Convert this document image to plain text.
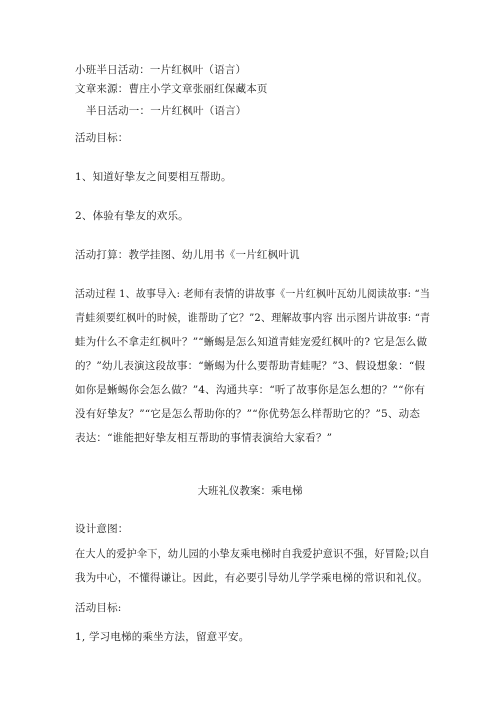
小班半日活动：一片红枫叶（语言）
文章来源：曹庄小学文章张丽红保藏本页
半日活动一：一片红枫叶（语言）
活动目标：
1、知道好挚友之间要相互帮助。
2、体验有挚友的欢乐。
活动打算：教学挂图、幼儿用书《一片红枫叶讥
活动过程 1、故事导入: 老师有表情的讲故事《一片红枫叶瓦幼儿阅读故事: “当
青蛙须要红枫叶的时候，谁帮助了它？”2、理解故事内容 出示图片讲故事: “青
蛙为什么不拿走红枫叶？”“蜥蜴是怎么知道青蛙宠爱红枫叶的? 它是怎么做
的？”幼儿表演这段故事：“蜥蜴为什么要帮助青蛙呢？”3、假设想象：“假
如你是蜥蜴你会怎么做？”4、沟通共享：“听了故事你是怎么想的？”“你有
没有好挚友？”“它是怎么帮助你的？”“你优势怎么样帮助它的？”5、动态
表达：“谁能把好挚友相互帮助的事情表演给大家看？”
大班礼仪教案：乘电梯
设计意图：
在大人的爱护伞下，幼儿园的小挚友乘电梯时自我爱护意识不强，好冒险;以自
我为中心，不懂得谦让。因此，有必要引导幼儿学学乘电梯的常识和礼仪。
活动目标:
1, 学习电梯的乘坐方法，留意平安。
